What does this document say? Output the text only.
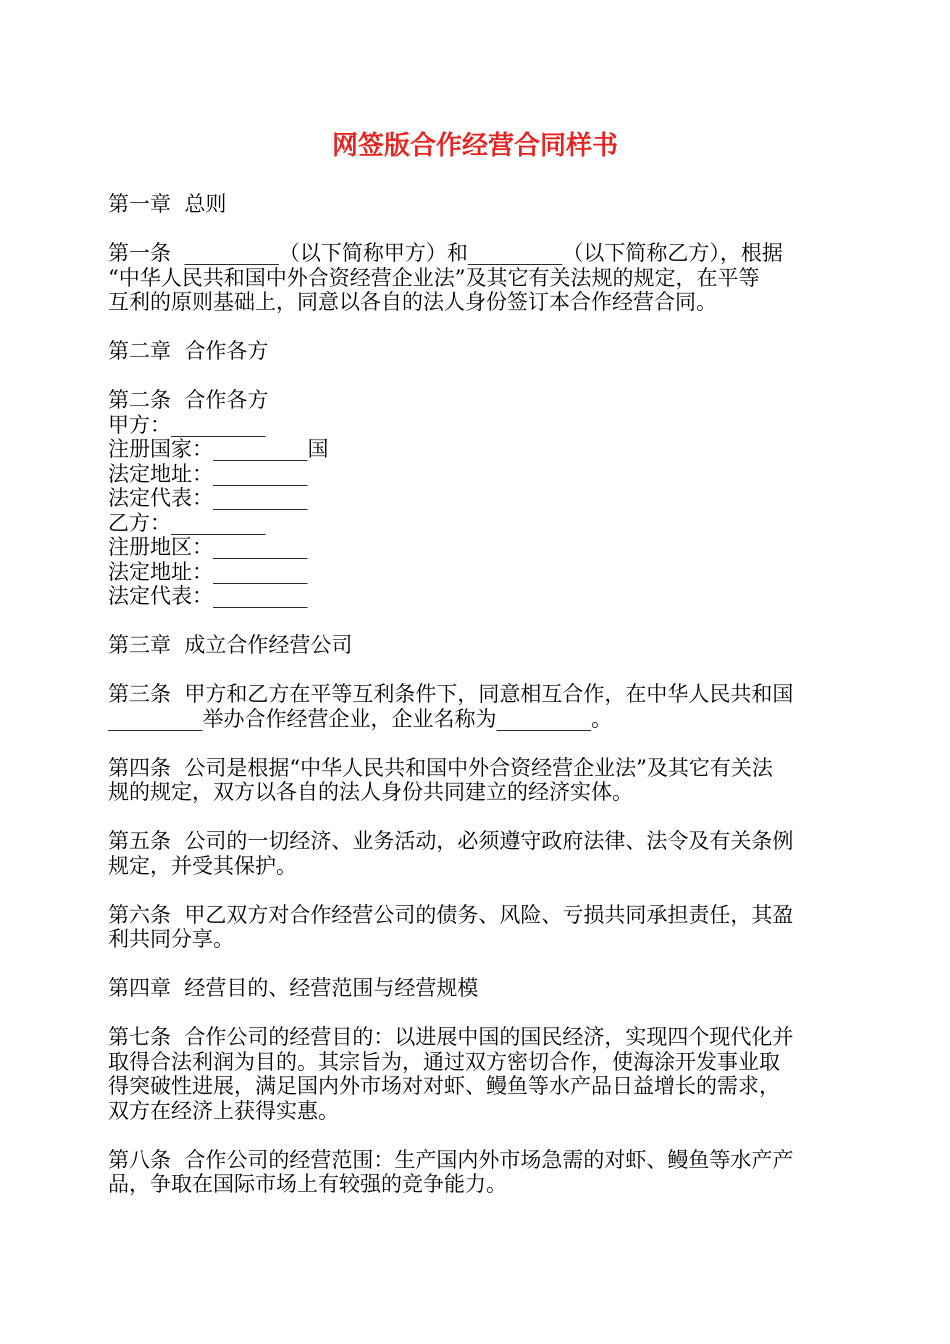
网签版合作经营合同样书

第一章  总则

第一条  _________（以下简称甲方）和_________（以下简称乙方），根据

“中华人民共和国中外合资经营企业法”及其它有关法规的规定，在平等

互利的原则基础上，同意以各自的法人身份签订本合作经营合同。

第二章  合作各方

第二条  合作各方

甲方：_________

注册国家：_________国

法定地址：_________

法定代表：_________

乙方：_________

注册地区：_________

法定地址：_________

法定代表：_________

第三章  成立合作经营公司

第三条  甲方和乙方在平等互利条件下，同意相互合作，在中华人民共和国

_________举办合作经营企业，企业名称为_________。

第四条  公司是根据“中华人民共和国中外合资经营企业法”及其它有关法

规的规定，双方以各自的法人身份共同建立的经济实体。

第五条  公司的一切经济、业务活动，必须遵守政府法律、法令及有关条例

规定，并受其保护。

第六条  甲乙双方对合作经营公司的债务、风险、亏损共同承担责任，其盈

利共同分享。

第四章  经营目的、经营范围与经营规模

第七条  合作公司的经营目的：以进展中国的国民经济，实现四个现代化并

取得合法利润为目的。其宗旨为，通过双方密切合作，使海涂开发事业取

得突破性进展，满足国内外市场对对虾、鳗鱼等水产品日益增长的需求，

双方在经济上获得实惠。

第八条  合作公司的经营范围：生产国内外市场急需的对虾、鳗鱼等水产产

品，争取在国际市场上有较强的竞争能力。
